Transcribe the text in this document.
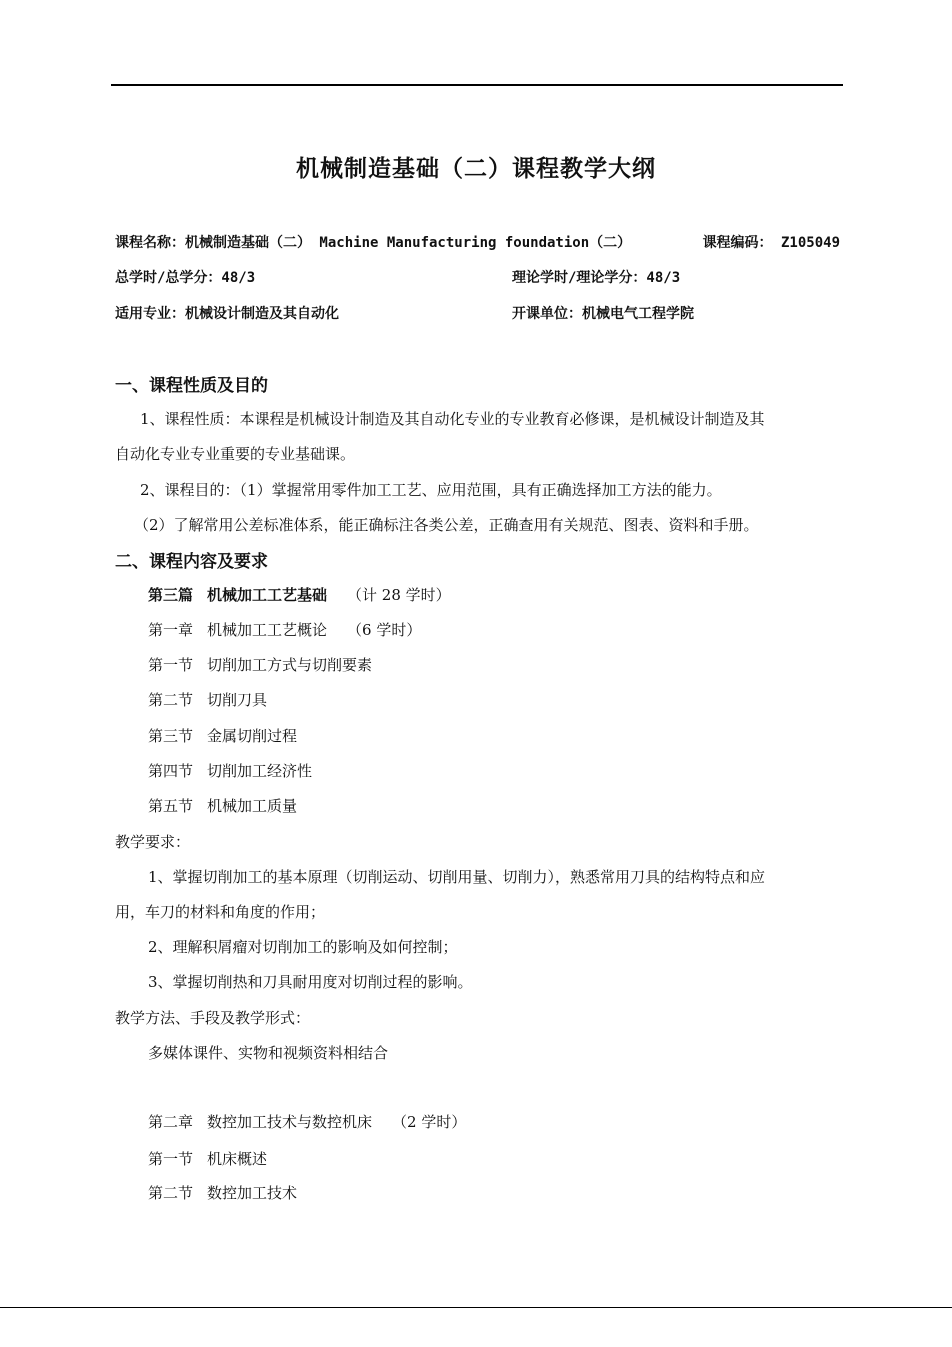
机械制造基础（二）课程教学大纲
课程名称：机械制造基础（二） Machine Manufacturing foundation（二）	课程编码： Z105049
总学时/总学分：48/3	理论学时/理论学分：48/3
适用专业：机械设计制造及其自动化	开课单位：机械电气工程学院
一、课程性质及目的
1、课程性质：本课程是机械设计制造及其自动化专业的专业教育必修课，是机械设计制造及其
自动化专业专业重要的专业基础课。
2、课程目的：（1）掌握常用零件加工工艺、应用范围，具有正确选择加工方法的能力。
（2）了解常用公差标准体系，能正确标注各类公差，正确查用有关规范、图表、资料和手册。
二、课程内容及要求
第三篇 机械加工工艺基础 （计 28 学时）
第一章 机械加工工艺概论 （6 学时）
第一节 切削加工方式与切削要素
第二节 切削刀具
第三节 金属切削过程
第四节 切削加工经济性
第五节 机械加工质量
教学要求：
1、掌握切削加工的基本原理（切削运动、切削用量、切削力），熟悉常用刀具的结构特点和应
用，车刀的材料和角度的作用；
2、理解积屑瘤对切削加工的影响及如何控制；
3、掌握切削热和刀具耐用度对切削过程的影响。
教学方法、手段及教学形式：
多媒体课件、实物和视频资料相结合
第二章 数控加工技术与数控机床 （2 学时）
第一节 机床概述
第二节 数控加工技术
